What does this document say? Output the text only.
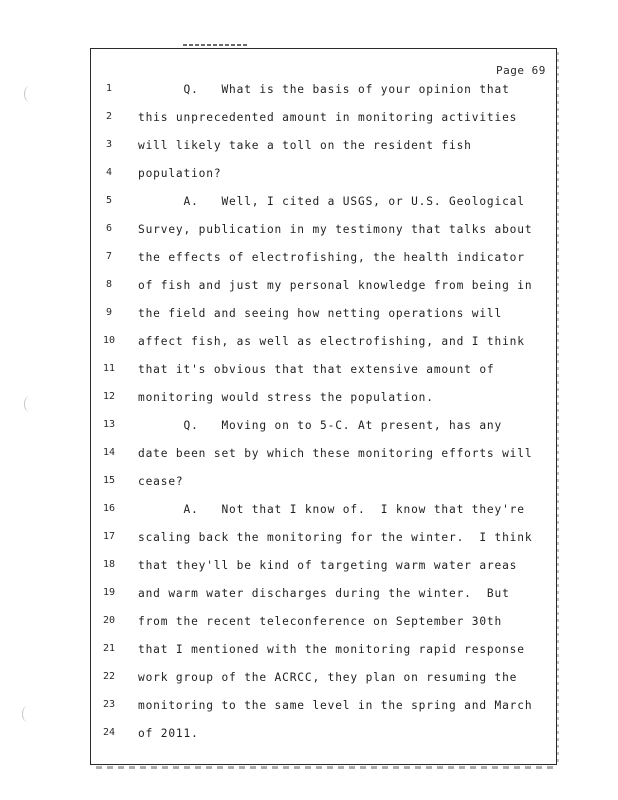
Page 69
1	Q.   What is the basis of your opinion that
2	this unprecedented amount in monitoring activities
3	will likely take a toll on the resident fish
4	population?
5	A.   Well, I cited a USGS, or U.S. Geological
6	Survey, publication in my testimony that talks about
7	the effects of electrofishing, the health indicator
8	of fish and just my personal knowledge from being in
9	the field and seeing how netting operations will
10 affect fish, as well as electrofishing, and I think
11 that it's obvious that that extensive amount of
12 monitoring would stress the population.
13 Q.   Moving on to 5-C. At present, has any
14 date been set by which these monitoring efforts will
15 cease?
16 A.   Not that I know of.  I know that they're
17 scaling back the monitoring for the winter.  I think
18 that they'll be kind of targeting warm water areas
19 and warm water discharges during the winter.  But
20 from the recent teleconference on September 30th
21 that I mentioned with the monitoring rapid response
22 work group of the ACRCC, they plan on resuming the
23 monitoring to the same level in the spring and March
24 of 2011.
